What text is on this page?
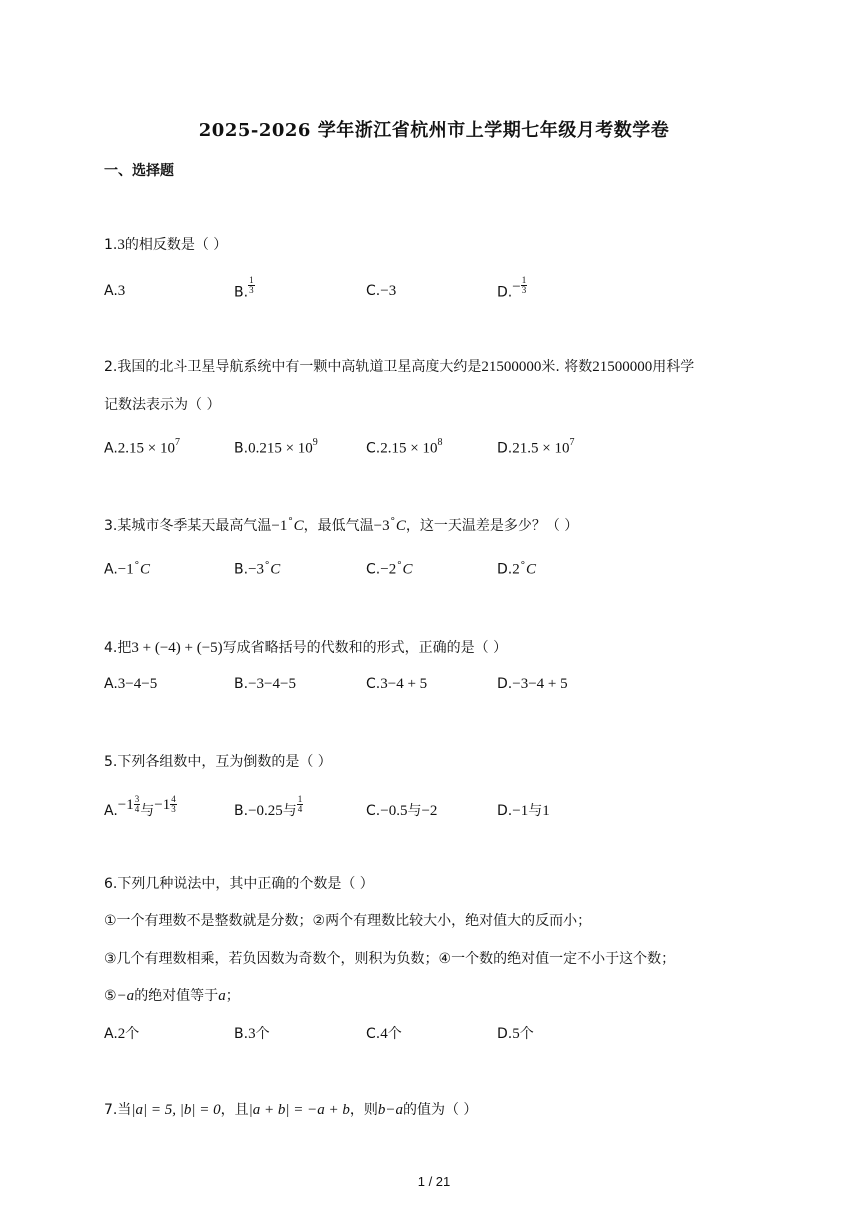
2025-2026 学年浙江省杭州市上学期七年级月考数学卷
一、选择题
1.3的相反数是（ ）
A.3	B. $\frac{1}{3}$	C.−3	$D.- \frac{1}{3}$
2.我国的北斗卫星导航系统中有一颗中高轨道卫星高度大约是21500000米. 将数21500000用科学
记数法表示为（ ）
$A.2.15 \times 10^7$	$B.0.215 \times 10^9$	$C.2.15 \times 10^8$	$D.21.5 \times 10^7$
3.某城市冬季某天最高气温−1∘C，最低气温−3∘C，这一天温差是多少？（ ）
A.−1∘C	B.−3∘C	C.−2∘C	D.2∘C
4.把3 + (−4) + (−5)写成省略括号的代数和的形式，正确的是（ ）
A.3−4−5	B.−3−4−5	C.3−4 + 5	D.−3−4 + 5
5.下列各组数中，互为倒数的是（ ）
$A.-1 \frac{3}{4}$ 与$-1 \frac{4}{3}$	B.−0.25与 $\frac{1}{4}$	C.−0.5与−2	D.−1与1
6.下列几种说法中，其中正确的个数是（ ）
①一个有理数不是整数就是分数；②两个有理数比较大小，绝对值大的反而小；
③几个有理数相乘，若负因数为奇数个，则积为负数；④一个数的绝对值一定不小于这个数；
⑤−a的绝对值等于a；
A.2个	B.3个	C.4个	D.5个
7.当|a| = 5, |b| = 0，且|a + b| = −a + b，则b−a的值为（ ）
1 / 21
